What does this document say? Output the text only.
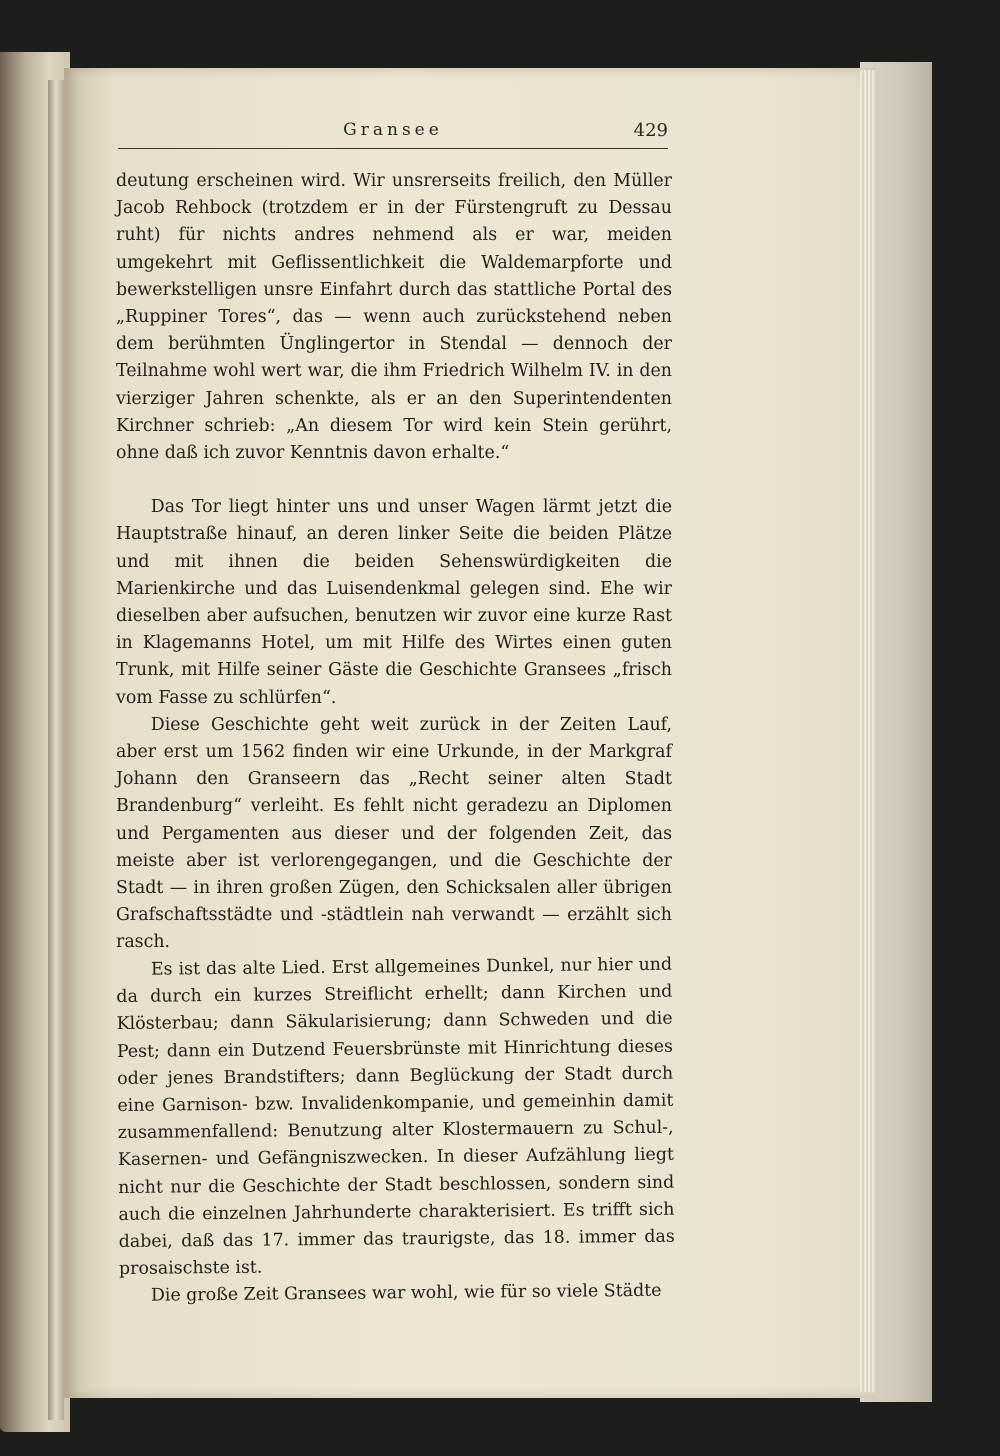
Gransee	429

deutung erscheinen wird. Wir unsrerseits freilich, den Müller Jacob Rehbock (trotzdem er in der Fürstengruft zu Dessau ruht) für nichts andres nehmend als er war, meiden umgekehrt mit Geflissentlichkeit die Waldemarpforte und bewerkstelligen unsre Einfahrt durch das stattliche Portal des „Ruppiner Tores“, das — wenn auch zurückstehend neben dem berühmten Ünglingertor in Stendal — dennoch der Teilnahme wohl wert war, die ihm Friedrich Wilhelm IV. in den vierziger Jahren schenkte, als er an den Superintendenten Kirchner schrieb: „An diesem Tor wird kein Stein gerührt, ohne daß ich zuvor Kenntnis davon erhalte.“

Das Tor liegt hinter uns und unser Wagen lärmt jetzt die Hauptstraße hinauf, an deren linker Seite die beiden Plätze und mit ihnen die beiden Sehenswürdigkeiten die Marienkirche und das Luisendenkmal gelegen sind. Ehe wir dieselben aber aufsuchen, benutzen wir zuvor eine kurze Rast in Klagemanns Hotel, um mit Hilfe des Wirtes einen guten Trunk, mit Hilfe seiner Gäste die Geschichte Gransees „frisch vom Fasse zu schlürfen“.

Diese Geschichte geht weit zurück in der Zeiten Lauf, aber erst um 1562 finden wir eine Urkunde, in der Markgraf Johann den Granseern das „Recht seiner alten Stadt Brandenburg“ verleiht. Es fehlt nicht geradezu an Diplomen und Pergamenten aus dieser und der folgenden Zeit, das meiste aber ist verlorengegangen, und die Geschichte der Stadt — in ihren großen Zügen, den Schicksalen aller übrigen Grafschaftsstädte und -städtlein nah verwandt — erzählt sich rasch.

Es ist das alte Lied. Erst allgemeines Dunkel, nur hier und da durch ein kurzes Streiflicht erhellt; dann Kirchen und Klösterbau; dann Säkularisierung; dann Schweden und die Pest; dann ein Dutzend Feuersbrünste mit Hinrichtung dieses oder jenes Brandstifters; dann Beglückung der Stadt durch eine Garnison- bzw. Invalidenkompanie, und gemeinhin damit zusammenfallend: Benutzung alter Klostermauern zu Schul-, Kasernen- und Gefängniszwecken. In dieser Aufzählung liegt nicht nur die Geschichte der Stadt beschlossen, sondern sind auch die einzelnen Jahrhunderte charakterisiert. Es trifft sich dabei, daß das 17. immer das traurigste, das 18. immer das prosaischste ist.

Die große Zeit Gransees war wohl, wie für so viele Städte
